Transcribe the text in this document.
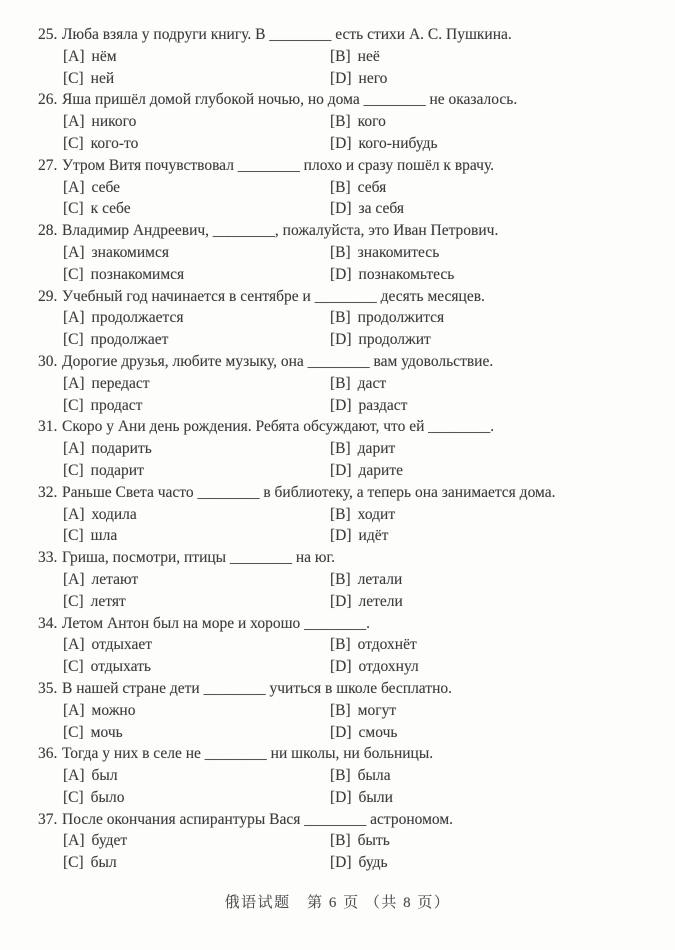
25. Люба взяла у подруги книгу. В ________ есть стихи А. С. Пушкина.
[A] нём	[B] неё
[C] ней	[D] него
26. Яша пришёл домой глубокой ночью, но дома ________ не оказалось.
[A] никого	[B] кого
[C] кого-то	[D] кого-нибудь
27. Утром Витя почувствовал ________ плохо и сразу пошёл к врачу.
[A] себе	[B] себя
[C] к себе	[D] за себя
28. Владимир Андреевич, ________, пожалуйста, это Иван Петрович.
[A] знакомимся	[B] знакомитесь
[C] познакомимся	[D] познакомьтесь
29. Учебный год начинается в сентябре и ________ десять месяцев.
[A] продолжается	[B] продолжится
[C] продолжает	[D] продолжит
30. Дорогие друзья, любите музыку, она ________ вам удовольствие.
[A] передаст	[B] даст
[C] продаст	[D] раздаст
31. Скоро у Ани день рождения. Ребята обсуждают, что ей ________.
[A] подарить	[B] дарит
[C] подарит	[D] дарите
32. Раньше Света часто ________ в библиотеку, а теперь она занимается дома.
[A] ходила	[B] ходит
[C] шла	[D] идёт
33. Гриша, посмотри, птицы ________ на юг.
[A] летают	[B] летали
[C] летят	[D] летели
34. Летом Антон был на море и хорошо ________.
[A] отдыхает	[B] отдохнёт
[C] отдыхать	[D] отдохнул
35. В нашей стране дети ________ учиться в школе бесплатно.
[A] можно	[B] могут
[C] мочь	[D] смочь
36. Тогда у них в селе не ________ ни школы, ни больницы.
[A] был	[B] была
[C] было	[D] были
37. После окончания аспирантуры Вася ________ астрономом.
[A] будет	[B] быть
[C] был	[D] будь
俄语试题　第 6 页 （共 8 页）
